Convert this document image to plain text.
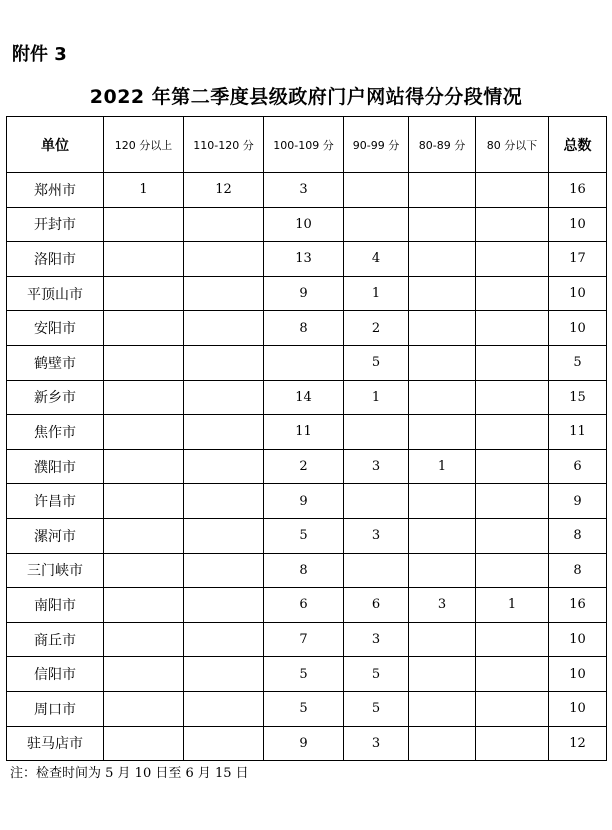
附件 3
2022 年第二季度县级政府门户网站得分分段情况
单位	120 分以上	110-120 分	100-109 分	90-99 分	80-89 分	80 分以下	总数
郑州市	1	12	3				16
开封市			10				10
洛阳市			13	4			17
平顶山市			9	1			10
安阳市			8	2			10
鹤壁市				5			5
新乡市			14	1			15
焦作市			11				11
濮阳市			2	3	1		6
许昌市			9				9
漯河市			5	3			8
三门峡市			8				8
南阳市			6	6	3	1	16
商丘市			7	3			10
信阳市			5	5			10
周口市			5	5			10
驻马店市			9	3			12
注：检查时间为 5 月 10 日至 6 月 15 日
